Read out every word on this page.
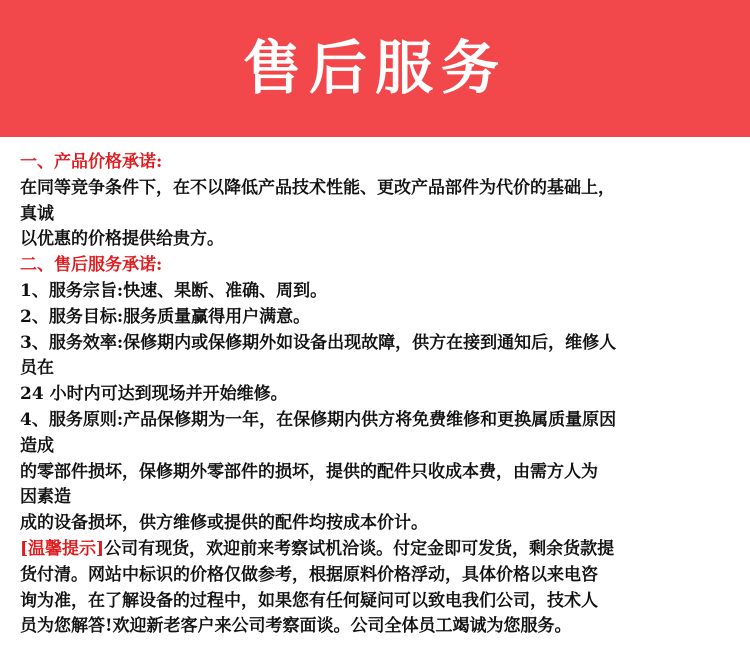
售后服务
一、产品价格承诺:
在同等竞争条件下，在不以降低产品技术性能、更改产品部件为代价的基础上，
真诚
以优惠的价格提供给贵方。
二、售后服务承诺:
1、服务宗旨:快速、果断、准确、周到。
2、服务目标:服务质量赢得用户满意。
3、服务效率:保修期内或保修期外如设备出现故障，供方在接到通知后，维修人
员在
24 小时内可达到现场并开始维修。
4、服务原则:产品保修期为一年，在保修期内供方将免费维修和更换属质量原因
造成
的零部件损坏，保修期外零部件的损坏，提供的配件只收成本费，由需方人为
因素造
成的设备损坏，供方维修或提供的配件均按成本价计。
[温馨提示]公司有现货，欢迎前来考察试机洽谈。付定金即可发货，剩余货款提
货付清。网站中标识的价格仅做参考，根据原料价格浮动，具体价格以来电咨
询为准，在了解设备的过程中，如果您有任何疑问可以致电我们公司，技术人
员为您解答!欢迎新老客户来公司考察面谈。公司全体员工竭诚为您服务。
